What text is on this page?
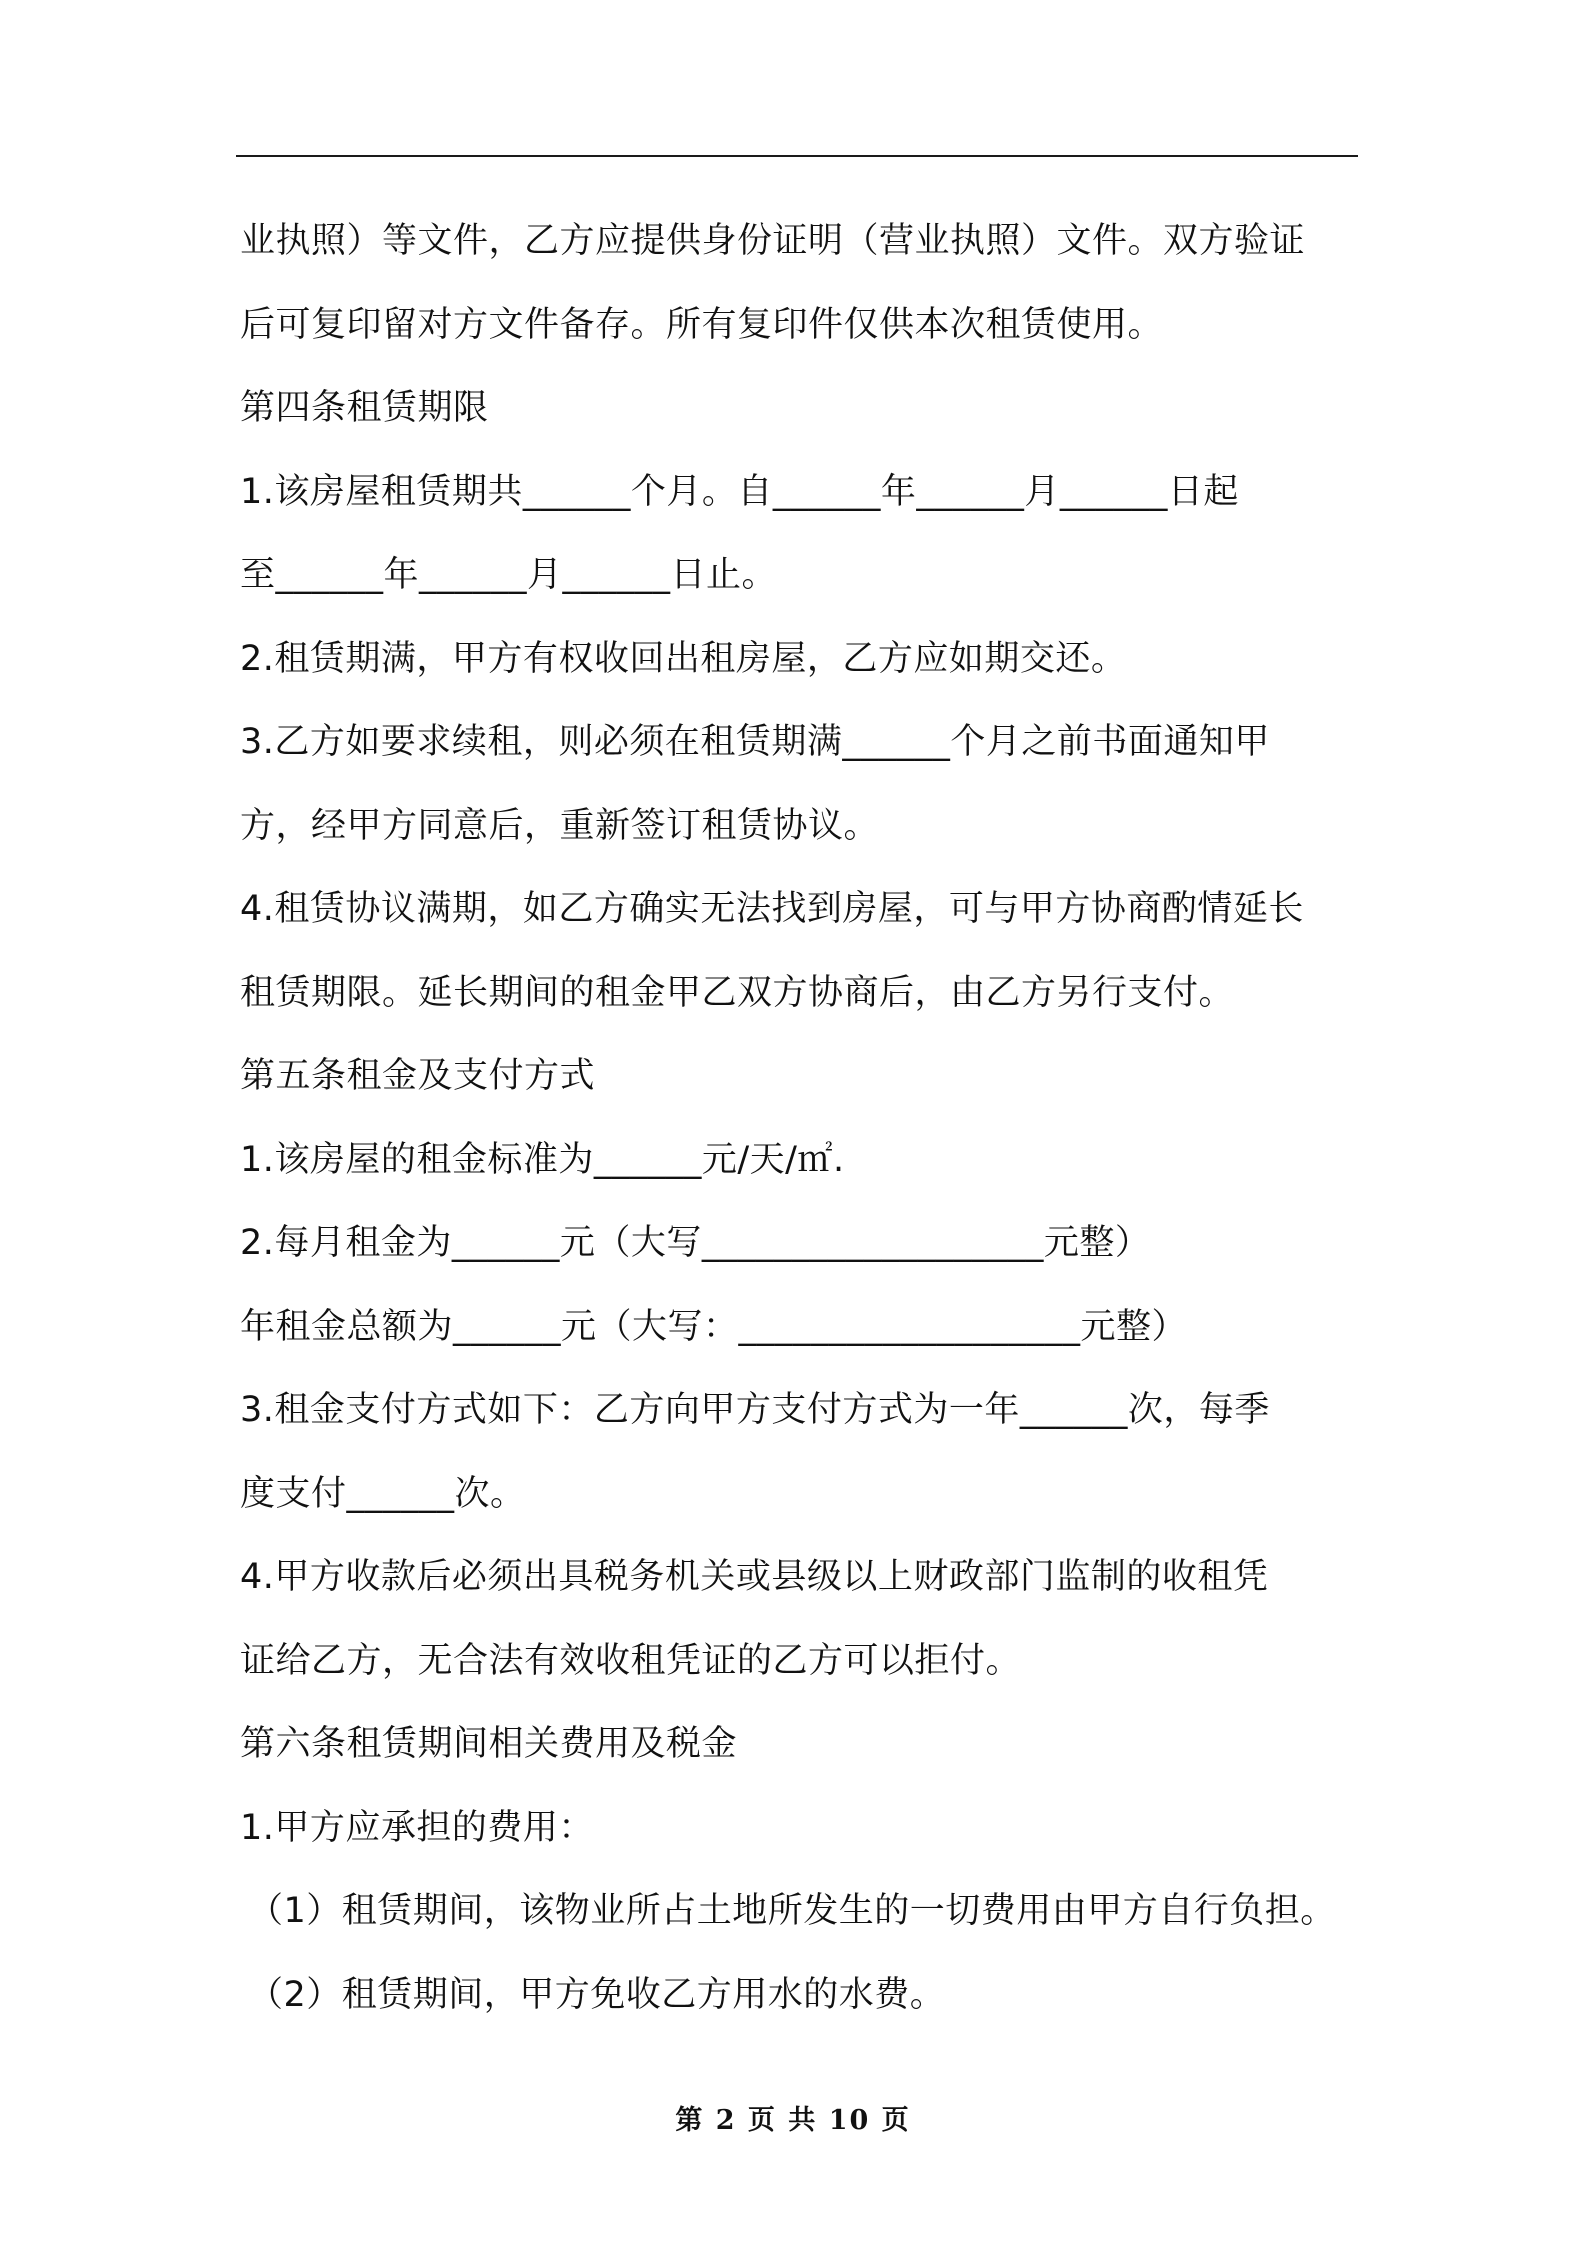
业执照）等文件，乙方应提供身份证明（营业执照）文件。双方验证
后可复印留对方文件备存。所有复印件仅供本次租赁使用。
第四条租赁期限
1.该房屋租赁期共______个月。自______年______月______日起
至______年______月______日止。
2.租赁期满，甲方有权收回出租房屋，乙方应如期交还。
3.乙方如要求续租，则必须在租赁期满______个月之前书面通知甲
方，经甲方同意后，重新签订租赁协议。
4.租赁协议满期，如乙方确实无法找到房屋，可与甲方协商酌情延长
租赁期限。延长期间的租金甲乙双方协商后，由乙方另行支付。
第五条租金及支付方式
1.该房屋的租金标准为______元/天/㎡.
2.每月租金为______元（大写___________________元整）
年租金总额为______元（大写：___________________元整）
3.租金支付方式如下：乙方向甲方支付方式为一年______次，每季
度支付______次。
4.甲方收款后必须出具税务机关或县级以上财政部门监制的收租凭
证给乙方，无合法有效收租凭证的乙方可以拒付。
第六条租赁期间相关费用及税金
1.甲方应承担的费用：
（1）租赁期间，该物业所占土地所发生的一切费用由甲方自行负担。
（2）租赁期间，甲方免收乙方用水的水费。
第 2 页 共 10 页
